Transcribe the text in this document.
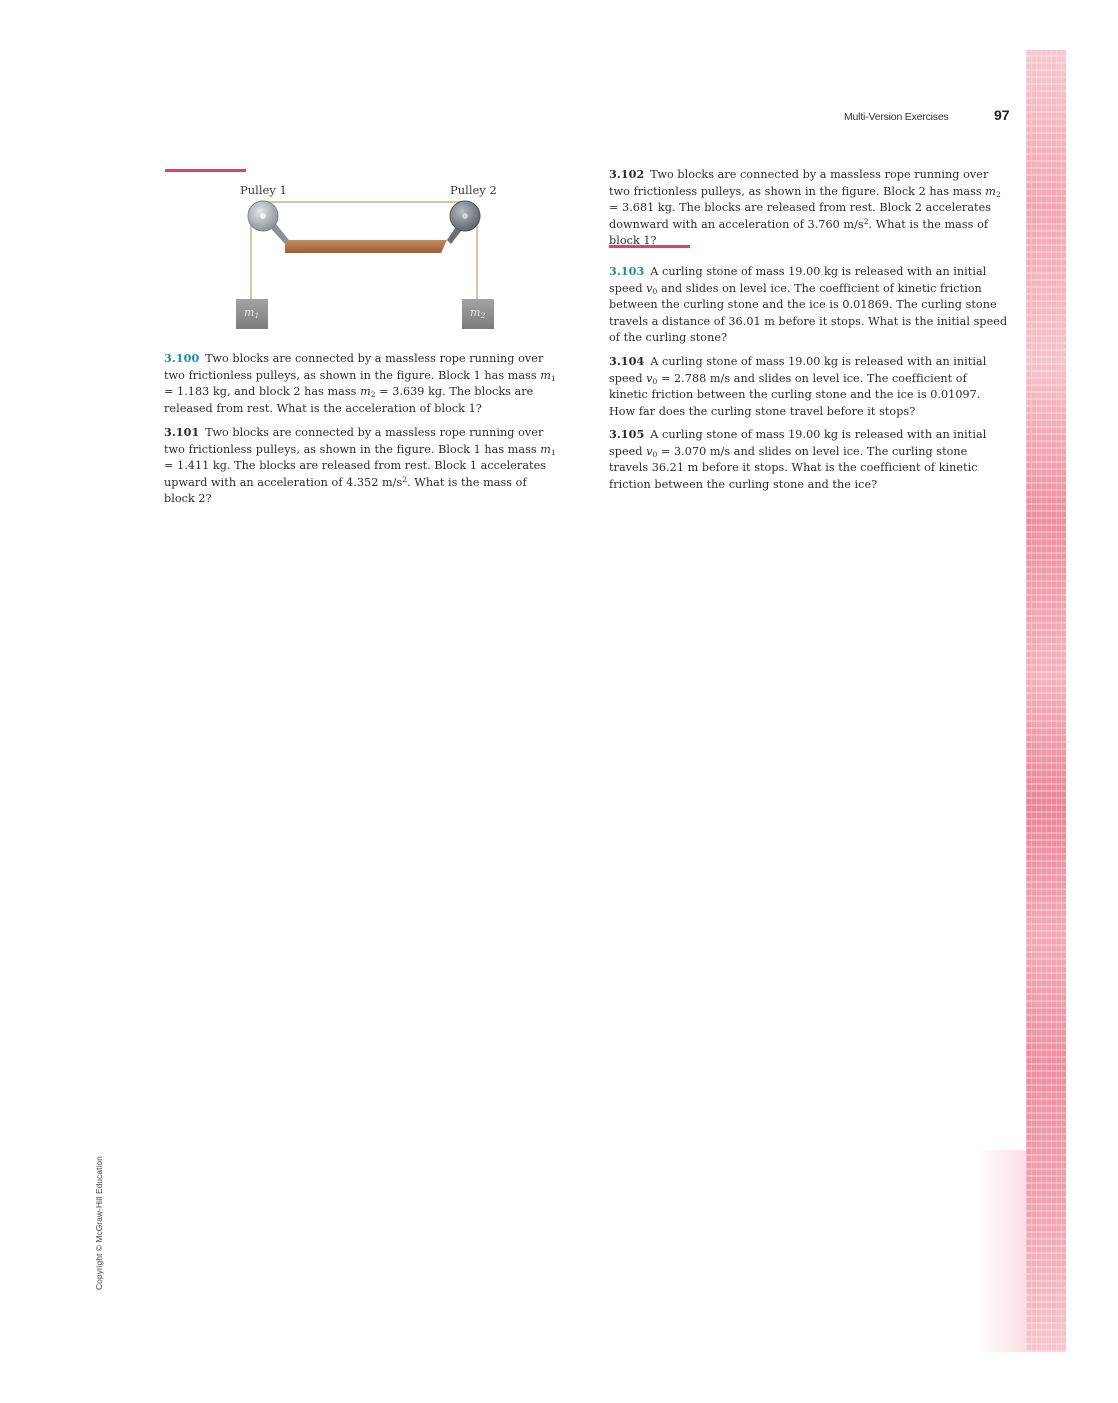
Multi-Version Exercises	97
Copyright © McGraw-Hill Education
Pulley 1	Pulley 2
$m_1$	$m_2$
3.100 Two blocks are connected by a massless rope running over two frictionless pulleys, as shown in the figure. Block 1 has mass $m_1 = 1.183$ kg, and block 2 has mass $m_2 = 3.639$ kg. The blocks are released from rest. What is the acceleration of block 1?
3.101 Two blocks are connected by a massless rope running over two frictionless pulleys, as shown in the figure. Block 1 has mass $m_1 = 1.411$ kg. The blocks are released from rest. Block 1 accelerates upward with an acceleration of 4.352 $m/s^2$. What is the mass of block 2?
3.102 Two blocks are connected by a massless rope running over two frictionless pulleys, as shown in the figure. Block 2 has mass $m_2 = 3.681$ kg. The blocks are released from rest. Block 2 accelerates downward with an acceleration of 3.760 $m/s^2$. What is the mass of block 1?
3.103 A curling stone of mass 19.00 kg is released with an initial speed $v_0$ and slides on level ice. The coefficient of kinetic friction between the curling stone and the ice is 0.01869. The curling stone travels a distance of 36.01 m before it stops. What is the initial speed of the curling stone?
3.104 A curling stone of mass 19.00 kg is released with an initial speed $v_0 = 2.788$ m/s and slides on level ice. The coefficient of kinetic friction between the curling stone and the ice is 0.01097. How far does the curling stone travel before it stops?
3.105 A curling stone of mass 19.00 kg is released with an initial speed $v_0 = 3.070$ m/s and slides on level ice. The curling stone travels 36.21 m before it stops. What is the coefficient of kinetic friction between the curling stone and the ice?
